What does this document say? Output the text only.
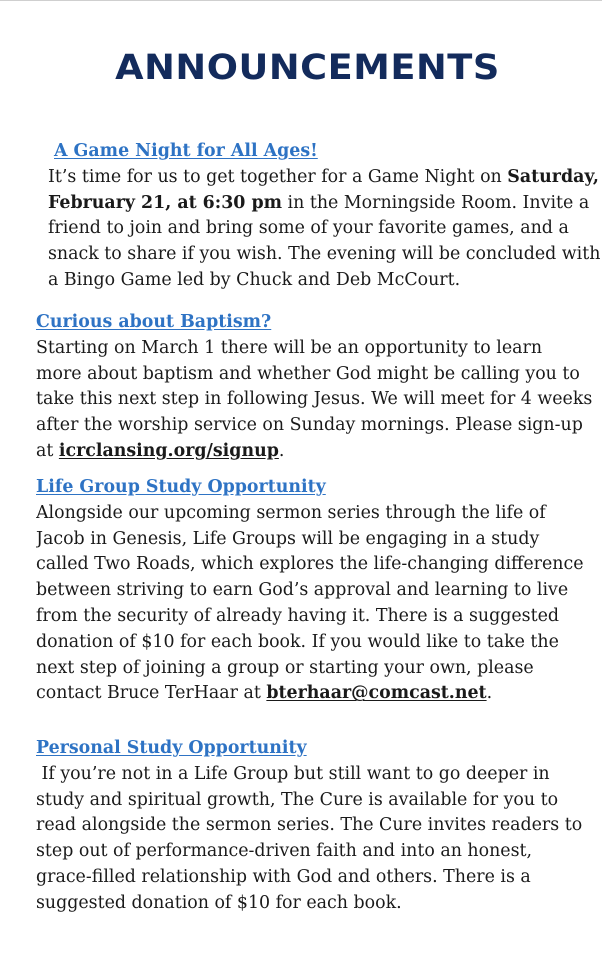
ANNOUNCEMENTS
A Game Night for All Ages!
It’s time for us to get together for a Game Night on Saturday,
February 21, at 6:30 pm in the Morningside Room. Invite a
friend to join and bring some of your favorite games, and a
snack to share if you wish. The evening will be concluded with
a Bingo Game led by Chuck and Deb McCourt.
Curious about Baptism?
Starting on March 1 there will be an opportunity to learn
more about baptism and whether God might be calling you to
take this next step in following Jesus. We will meet for 4 weeks
after the worship service on Sunday mornings. Please sign-up
at icrclansing.org/signup.
Life Group Study Opportunity
Alongside our upcoming sermon series through the life of
Jacob in Genesis, Life Groups will be engaging in a study
called Two Roads, which explores the life-changing difference
between striving to earn God’s approval and learning to live
from the security of already having it. There is a suggested
donation of $10 for each book. If you would like to take the
next step of joining a group or starting your own, please
contact Bruce TerHaar at bterhaar@comcast.net.
Personal Study Opportunity
If you’re not in a Life Group but still want to go deeper in
study and spiritual growth, The Cure is available for you to
read alongside the sermon series. The Cure invites readers to
step out of performance-driven faith and into an honest,
grace-filled relationship with God and others. There is a
suggested donation of $10 for each book.
